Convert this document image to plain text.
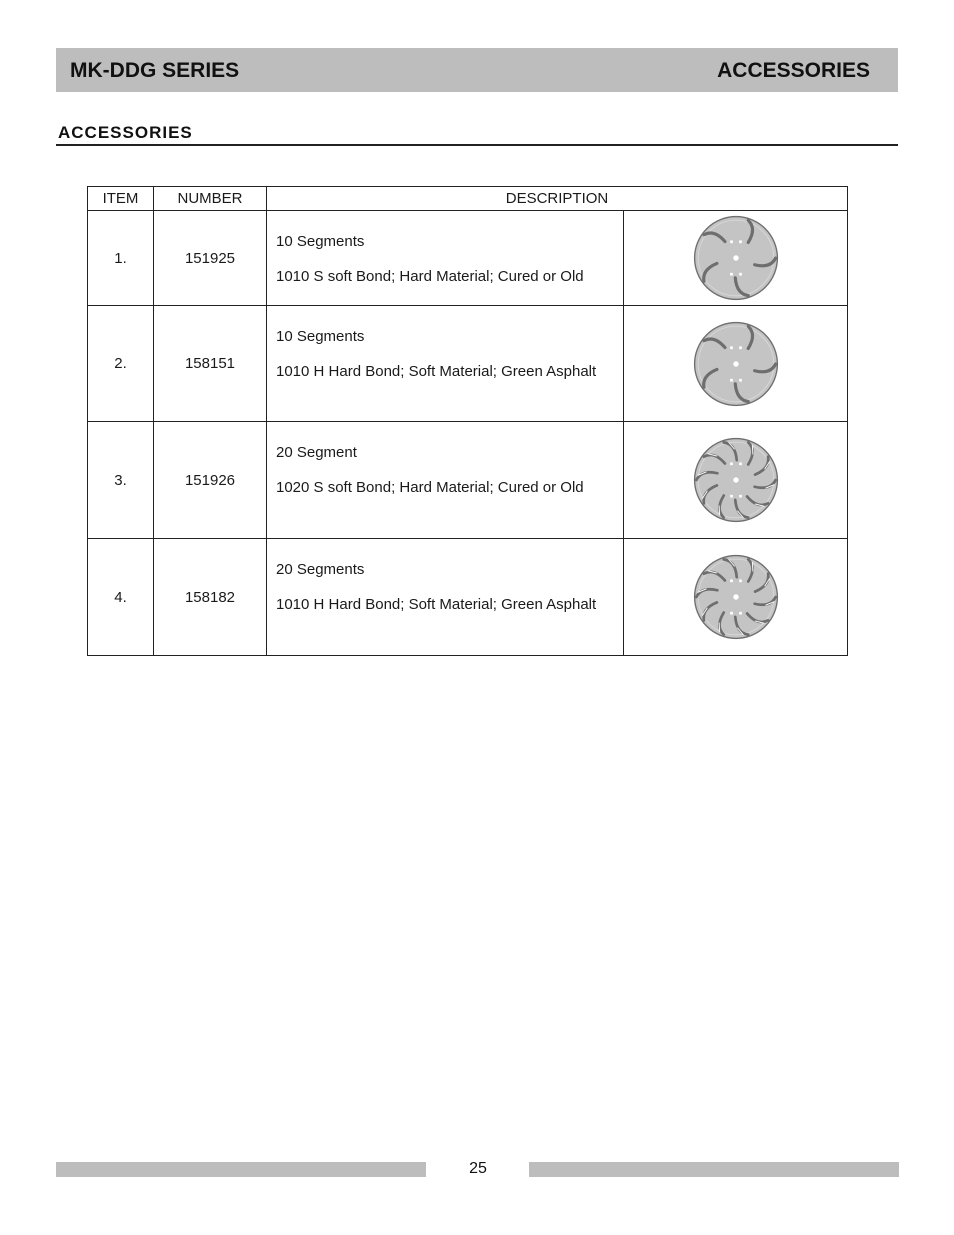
MK-DDG SERIES	ACCESSORIES
ACCESSORIES
ITEM	NUMBER	DESCRIPTION	
1.	151925	10 Segments
1010 S soft Bond; Hard Material; Cured or Old

2.	158151	10 Segments
1010 H Hard Bond; Soft Material; Green Asphalt

3.	151926	20 Segment
1020 S soft Bond; Hard Material; Cured or Old

4.	158182	20 Segments
1010 H Hard Bond; Soft Material; Green Asphalt

25
